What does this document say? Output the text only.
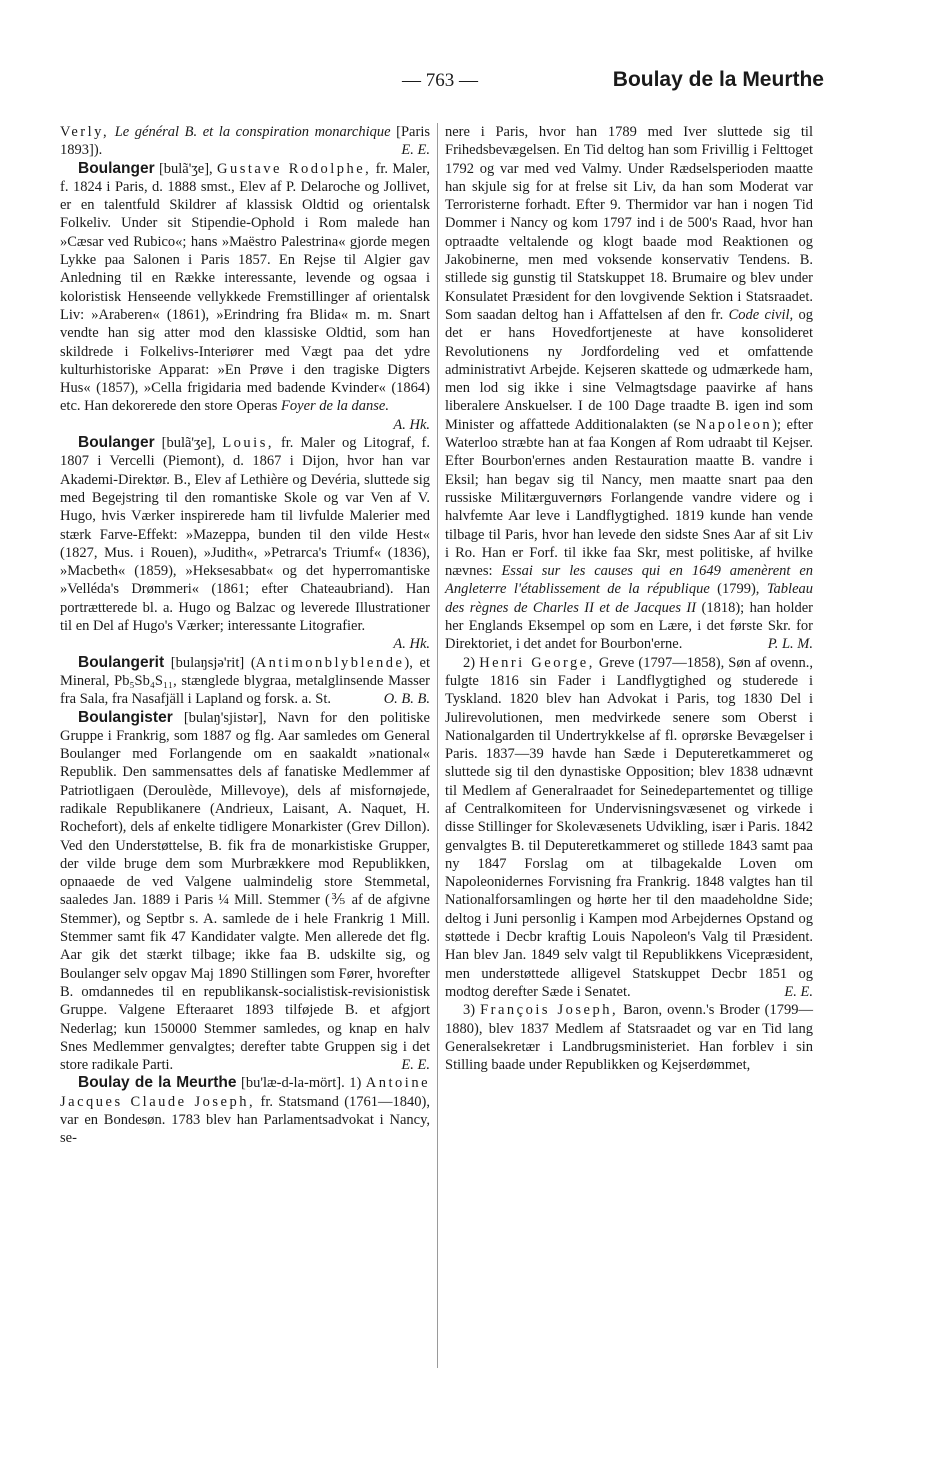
— 763 —	Boulay de la Meurthe

Verly, Le général B. et la conspiration monarchique [Paris 1893]).	E. E.

Boulanger [bulã'ʒe], Gustave Rodolphe, fr. Maler, f. 1824 i Paris, d. 1888 smst., Elev af P. Delaroche og Jollivet, er en talentfuld Skildrer af klassisk Oldtid og orientalsk Folkeliv. Under sit Stipendie-Ophold i Rom malede han »Cæsar ved Rubico«; hans »Maëstro Palestrina« gjorde megen Lykke paa Salonen i Paris 1857. En Rejse til Algier gav Anledning til en Række interessante, levende og ogsaa i koloristisk Henseende vellykkede Fremstillinger af orientalsk Liv: »Araberen« (1861), »Erindring fra Blida« m. m. Snart vendte han sig atter mod den klassiske Oldtid, som han skildrede i Folkelivs-Interiører med Vægt paa det ydre kulturhistoriske Apparat: »En Prøve i den tragiske Digters Hus« (1857), »Cella frigidaria med badende Kvinder« (1864) etc. Han dekorerede den store Operas Foyer de la danse.
A. Hk.

Boulanger [bulã'ʒe], Louis, fr. Maler og Litograf, f. 1807 i Vercelli (Piemont), d. 1867 i Dijon, hvor han var Akademi-Direktør. B., Elev af Lethière og Devéria, sluttede sig med Begejstring til den romantiske Skole og var Ven af V. Hugo, hvis Værker inspirerede ham til livfulde Malerier med stærk Farve-Effekt: »Mazeppa, bunden til den vilde Hest« (1827, Mus. i Rouen), »Judith«, »Petrarca's Triumf« (1836), »Macbeth« (1859), »Heksesabbat« og det hyperromantiske »Velléda's Drømmeri« (1861; efter Chateaubriand). Han portrætterede bl. a. Hugo og Balzac og leverede Illustrationer til en Del af Hugo's Værker; interessante Litografier.
A. Hk.

Boulangerit [bulaŋsjə'rit] (Antimonblyblende), et Mineral, Pb₅Sb₄S₁₁, stænglede blygraa, metalglinsende Masser fra Sala, fra Nasafjäll i Lapland og forsk. a. St.	O. B. B.

Boulangister [bulaŋ'sjistər], Navn for den politiske Gruppe i Frankrig, som 1887 og flg. Aar samledes om General Boulanger med Forlangende om en saakaldt »national« Republik. Den sammensattes dels af fanatiske Medlemmer af Patriotligaen (Deroulède, Millevoye), dels af misfornøjede, radikale Republikanere (Andrieux, Laisant, A. Naquet, H. Rochefort), dels af enkelte tidligere Monarkister (Grev Dillon). Ved den Understøttelse, B. fik fra de monarkistiske Grupper, der vilde bruge dem som Murbrækkere mod Republikken, opnaaede de ved Valgene ualmindelig store Stemmetal, saaledes Jan. 1889 i Paris ¼ Mill. Stemmer (⅗ af de afgivne Stemmer), og Septbr s. A. samlede de i hele Frankrig 1 Mill. Stemmer samt fik 47 Kandidater valgte. Men allerede det flg. Aar gik det stærkt tilbage; ikke faa B. udskilte sig, og Boulanger selv opgav Maj 1890 Stillingen som Fører, hvorefter B. omdannedes til en republikansk-socialistisk-revisionistisk Gruppe. Valgene Efteraaret 1893 tilføjede B. et afgjort Nederlag; kun 150000 Stemmer samledes, og knap en halv Snes Medlemmer genvalgtes; derefter tabte Gruppen sig i det store radikale Parti.	E. E.

Boulay de la Meurthe [bu'læ-d-la-mört]. 1) Antoine Jacques Claude Joseph, fr. Statsmand (1761—1840), var en Bondesøn. 1783 blev han Parlamentsadvokat i Nancy, se-

nere i Paris, hvor han 1789 med Iver sluttede sig til Frihedsbevægelsen. En Tid deltog han som Frivillig i Felttoget 1792 og var med ved Valmy. Under Rædselsperioden maatte han skjule sig for at frelse sit Liv, da han som Moderat var Terroristerne forhadt. Efter 9. Thermidor var han i nogen Tid Dommer i Nancy og kom 1797 ind i de 500's Raad, hvor han optraadte veltalende og klogt baade mod Reaktionen og Jakobinerne, men med voksende konservativ Tendens. B. stillede sig gunstig til Statskuppet 18. Brumaire og blev under Konsulatet Præsident for den lovgivende Sektion i Statsraadet. Som saadan deltog han i Affattelsen af den fr. Code civil, og det er hans Hovedfortjeneste at have konsolideret Revolutionens ny Jordfordeling ved et omfattende administrativt Arbejde. Kejseren skattede og udmærkede ham, men lod sig ikke i sine Velmagtsdage paavirke af hans liberalere Anskuelser. I de 100 Dage traadte B. igen ind som Minister og affattede Additionalakten (se Napoleon); efter Waterloo stræbte han at faa Kongen af Rom udraabt til Kejser. Efter Bourbon'ernes anden Restauration maatte B. vandre i Eksil; han begav sig til Nancy, men maatte snart paa den russiske Militærguvernørs Forlangende vandre videre og i halvfemte Aar leve i Landflygtighed. 1819 kunde han vende tilbage til Paris, hvor han levede den sidste Snes Aar af sit Liv i Ro. Han er Forf. til ikke faa Skr, mest politiske, af hvilke nævnes: Essai sur les causes qui en 1649 amenèrent en Angleterre l'établissement de la république (1799), Tableau des règnes de Charles II et de Jacques II (1818); han holder her Englands Eksempel op som en Lære, i det første Skr. for Direktoriet, i det andet for Bourbon'erne.	P. L. M.

2) Henri George, Greve (1797—1858), Søn af ovenn., fulgte 1816 sin Fader i Landflygtighed og studerede i Tyskland. 1820 blev han Advokat i Paris, tog 1830 Del i Julirevolutionen, men medvirkede senere som Oberst i Nationalgarden til Undertrykkelse af fl. oprørske Bevægelser i Paris. 1837—39 havde han Sæde i Deputeretkammeret og sluttede sig til den dynastiske Opposition; blev 1838 udnævnt til Medlem af Generalraadet for Seinedepartementet og tillige af Centralkomiteen for Undervisningsvæsenet og virkede i disse Stillinger for Skolevæsenets Udvikling, især i Paris. 1842 genvalgtes B. til Deputeretkammeret og stillede 1843 samt paa ny 1847 Forslag om at tilbagekalde Loven om Napoleonidernes Forvisning fra Frankrig. 1848 valgtes han til Nationalforsamlingen og hørte her til den maadeholdne Side; deltog i Juni personlig i Kampen mod Arbejdernes Opstand og støttede i Decbr kraftig Louis Napoleon's Valg til Præsident. Han blev Jan. 1849 selv valgt til Republikkens Vicepræsident, men understøttede alligevel Statskuppet Decbr 1851 og modtog derefter Sæde i Senatet.	E. E.

3) François Joseph, Baron, ovenn.'s Broder (1799—1880), blev 1837 Medlem af Statsraadet og var en Tid lang Generalsekretær i Landbrugsministeriet. Han forblev i sin Stilling baade under Republikken og Kejserdømmet,
